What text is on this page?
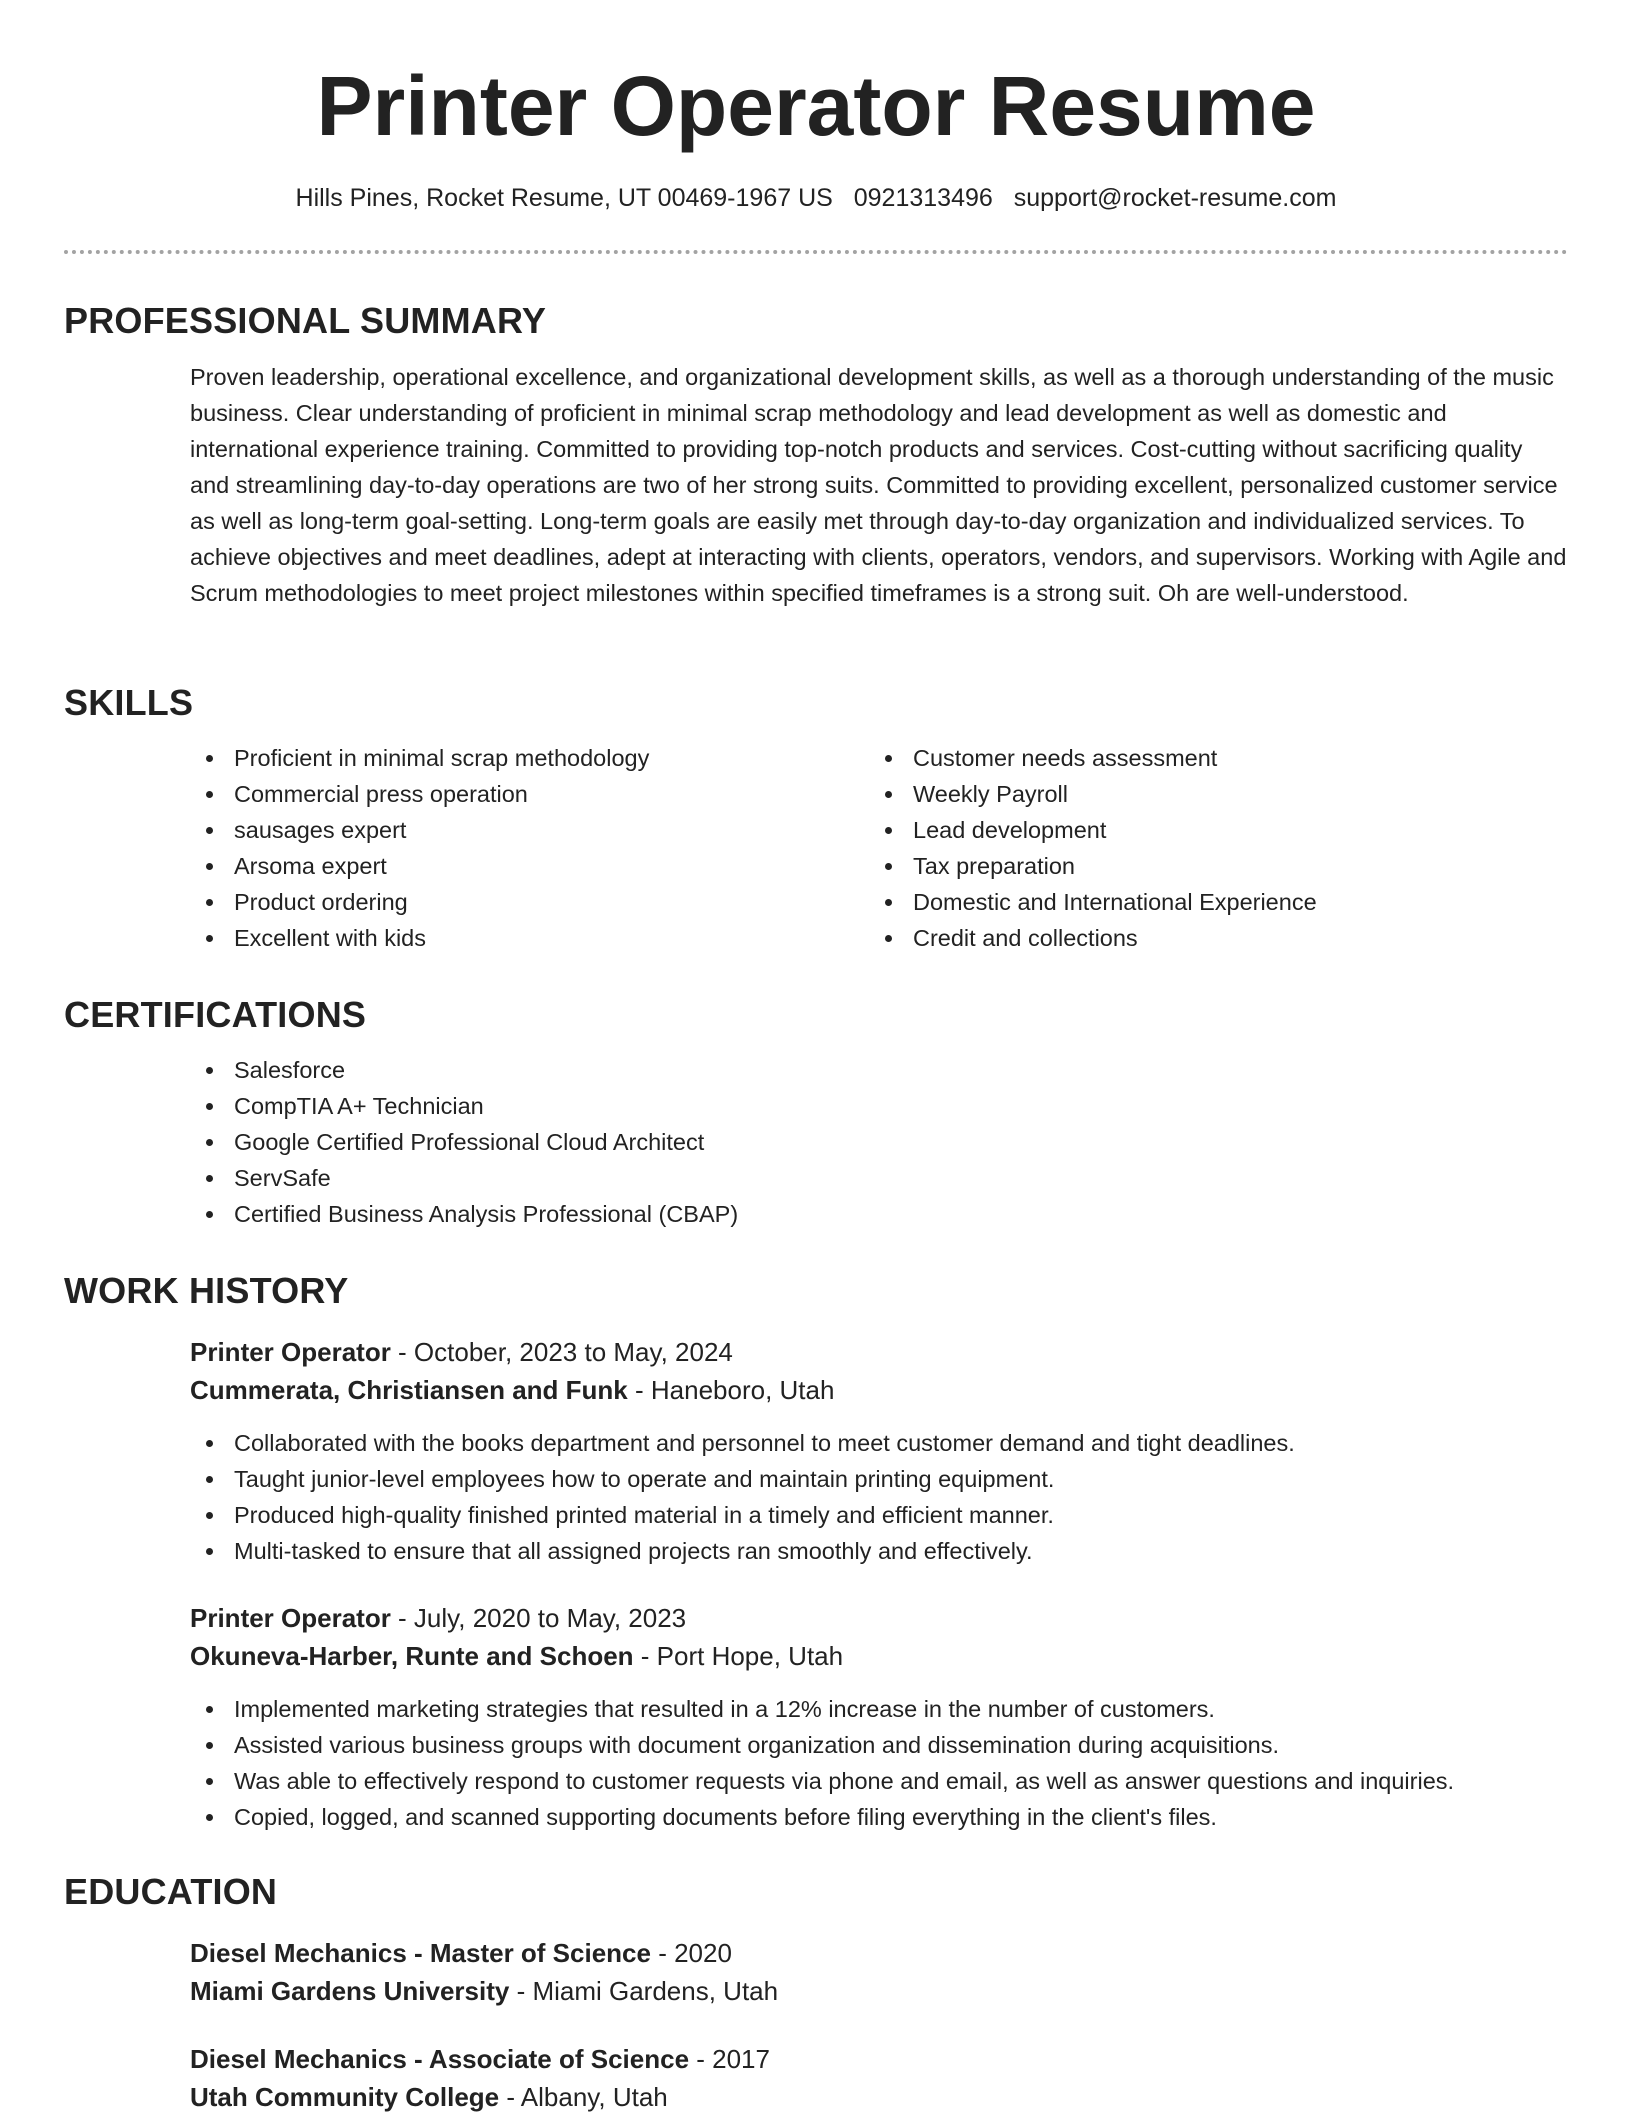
Printer Operator Resume
Hills Pines, Rocket Resume, UT 00469-1967 US 0921313496 support@rocket-resume.com
PROFESSIONAL SUMMARY
Proven leadership, operational excellence, and organizational development skills, as well as a thorough understanding of the music business. Clear understanding of proficient in minimal scrap methodology and lead development as well as domestic and international experience training. Committed to providing top-notch products and services. Cost-cutting without sacrificing quality and streamlining day-to-day operations are two of her strong suits. Committed to providing excellent, personalized customer service as well as long-term goal-setting. Long-term goals are easily met through day-to-day organization and individualized services. To achieve objectives and meet deadlines, adept at interacting with clients, operators, vendors, and supervisors. Working with Agile and Scrum methodologies to meet project milestones within specified timeframes is a strong suit. Oh are well-understood.
SKILLS
Proficient in minimal scrap methodology
Commercial press operation
sausages expert
Arsoma expert
Product ordering
Excellent with kids
Customer needs assessment
Weekly Payroll
Lead development
Tax preparation
Domestic and International Experience
Credit and collections
CERTIFICATIONS
Salesforce
CompTIA A+ Technician
Google Certified Professional Cloud Architect
ServSafe
Certified Business Analysis Professional (CBAP)
WORK HISTORY
Printer Operator - October, 2023 to May, 2024
Cummerata, Christiansen and Funk - Haneboro, Utah
Collaborated with the books department and personnel to meet customer demand and tight deadlines.
Taught junior-level employees how to operate and maintain printing equipment.
Produced high-quality finished printed material in a timely and efficient manner.
Multi-tasked to ensure that all assigned projects ran smoothly and effectively.
Printer Operator - July, 2020 to May, 2023
Okuneva-Harber, Runte and Schoen - Port Hope, Utah
Implemented marketing strategies that resulted in a 12% increase in the number of customers.
Assisted various business groups with document organization and dissemination during acquisitions.
Was able to effectively respond to customer requests via phone and email, as well as answer questions and inquiries.
Copied, logged, and scanned supporting documents before filing everything in the client's files.
EDUCATION
Diesel Mechanics - Master of Science - 2020
Miami Gardens University - Miami Gardens, Utah
Diesel Mechanics - Associate of Science - 2017
Utah Community College - Albany, Utah
